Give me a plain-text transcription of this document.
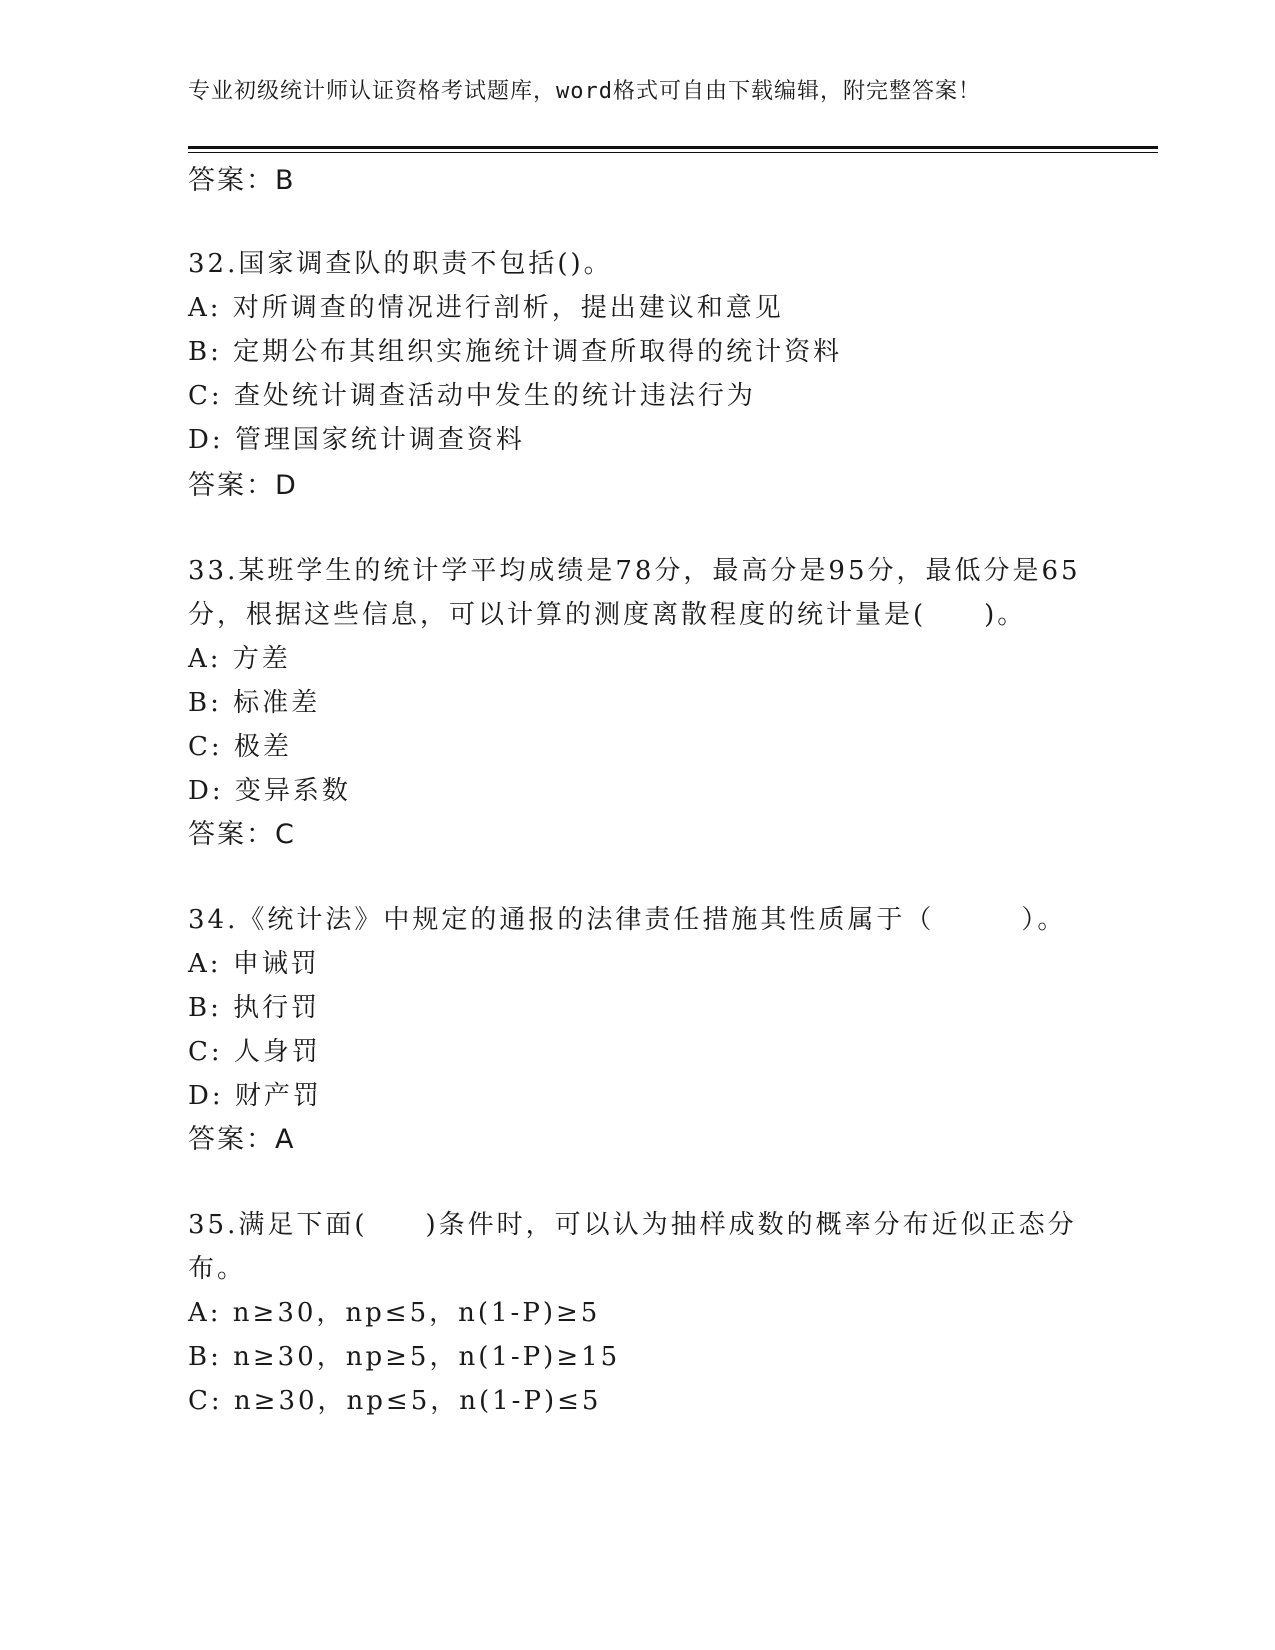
专业初级统计师认证资格考试题库，word格式可自由下载编辑，附完整答案！
答案：B
32.国家调查队的职责不包括()。
A: 对所调查的情况进行剖析，提出建议和意见
B: 定期公布其组织实施统计调查所取得的统计资料
C: 查处统计调查活动中发生的统计违法行为
D: 管理国家统计调查资料
答案：D
33.某班学生的统计学平均成绩是78分，最高分是95分，最低分是65
分，根据这些信息，可以计算的测度离散程度的统计量是(　　)。
A: 方差
B: 标准差
C: 极差
D: 变异系数
答案：C
34.《统计法》中规定的通报的法律责任措施其性质属于（　　　）。
A: 申诫罚
B: 执行罚
C: 人身罚
D: 财产罚
答案：A
35.满足下面(　　)条件时，可以认为抽样成数的概率分布近似正态分
布。
A: n≥30，np≤5，n(1-P)≥5
B: n≥30，np≥5，n(1-P)≥15
C: n≥30，np≤5，n(1-P)≤5
